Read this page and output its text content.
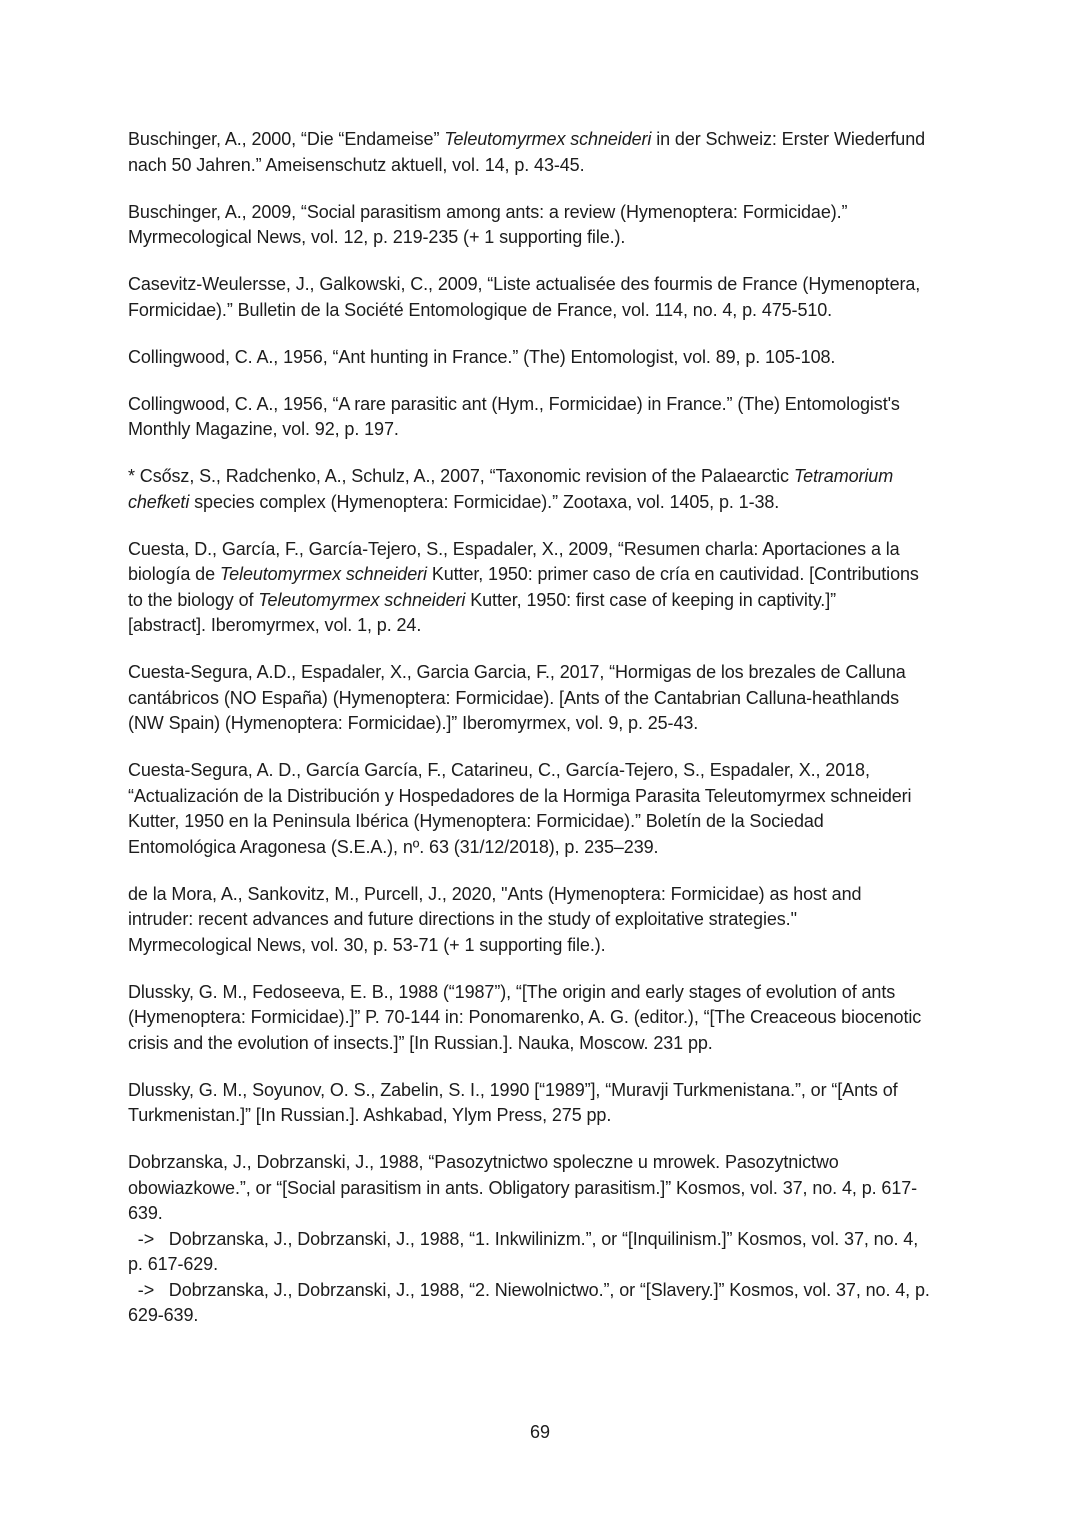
Buschinger, A., 2000, “Die “Endameise” Teleutomyrmex schneideri in der Schweiz: Erster Wiederfund
nach 50 Jahren.” Ameisenschutz aktuell, vol. 14, p. 43-45.

Buschinger, A., 2009, “Social parasitism among ants: a review (Hymenoptera: Formicidae).”
Myrmecological News, vol. 12, p. 219-235 (+ 1 supporting file.).

Casevitz-Weulersse, J., Galkowski, C., 2009, “Liste actualisée des fourmis de France (Hymenoptera,
Formicidae).” Bulletin de la Société Entomologique de France, vol. 114, no. 4, p. 475-510.

Collingwood, C. A., 1956, “Ant hunting in France.” (The) Entomologist, vol. 89, p. 105-108.

Collingwood, C. A., 1956, “A rare parasitic ant (Hym., Formicidae) in France.” (The) Entomologist's
Monthly Magazine, vol. 92, p. 197.

* Csősz, S., Radchenko, A., Schulz, A., 2007, “Taxonomic revision of the Palaearctic Tetramorium
chefketi species complex (Hymenoptera: Formicidae).” Zootaxa, vol. 1405, p. 1-38.

Cuesta, D., García, F., García-Tejero, S., Espadaler, X., 2009, “Resumen charla: Aportaciones a la
biología de Teleutomyrmex schneideri Kutter, 1950: primer caso de cría en cautividad. [Contributions
to the biology of Teleutomyrmex schneideri Kutter, 1950: first case of keeping in captivity.]”
[abstract]. Iberomyrmex, vol. 1, p. 24.

Cuesta-Segura, A.D., Espadaler, X., Garcia Garcia, F., 2017, “Hormigas de los brezales de Calluna
cantábricos (NO España) (Hymenoptera: Formicidae). [Ants of the Cantabrian Calluna-heathlands
(NW Spain) (Hymenoptera: Formicidae).]” Iberomyrmex, vol. 9, p. 25-43.

Cuesta-Segura, A. D., García García, F., Catarineu, C., García-Tejero, S., Espadaler, X., 2018,
“Actualización de la Distribución y Hospedadores de la Hormiga Parasita Teleutomyrmex schneideri
Kutter, 1950 en la Peninsula Ibérica (Hymenoptera: Formicidae).” Boletín de la Sociedad
Entomológica Aragonesa (S.E.A.), nº. 63 (31/12/2018), p. 235–239.

de la Mora, A., Sankovitz, M., Purcell, J., 2020, "Ants (Hymenoptera: Formicidae) as host and
intruder: recent advances and future directions in the study of exploitative strategies."
Myrmecological News, vol. 30, p. 53-71 (+ 1 supporting file.).

Dlussky, G. M., Fedoseeva, E. B., 1988 (“1987”), “[The origin and early stages of evolution of ants
(Hymenoptera: Formicidae).]” P. 70-144 in: Ponomarenko, A. G. (editor.), “[The Creaceous biocenotic
crisis and the evolution of insects.]” [In Russian.]. Nauka, Moscow. 231 pp.

Dlussky, G. M., Soyunov, O. S., Zabelin, S. I., 1990 [“1989”], “Muravji Turkmenistana.”, or “[Ants of
Turkmenistan.]” [In Russian.]. Ashkabad, Ylym Press, 275 pp.

Dobrzanska, J., Dobrzanski, J., 1988, “Pasozytnictwo spoleczne u mrowek. Pasozytnictwo
obowiazkowe.”, or “[Social parasitism in ants. Obligatory parasitism.]” Kosmos, vol. 37, no. 4, p. 617-
639.
->   Dobrzanska, J., Dobrzanski, J., 1988, “1. Inkwilinizm.”, or “[Inquilinism.]” Kosmos, vol. 37, no. 4,
p. 617-629.
->   Dobrzanska, J., Dobrzanski, J., 1988, “2. Niewolnictwo.”, or “[Slavery.]” Kosmos, vol. 37, no. 4, p.
629-639.

69
